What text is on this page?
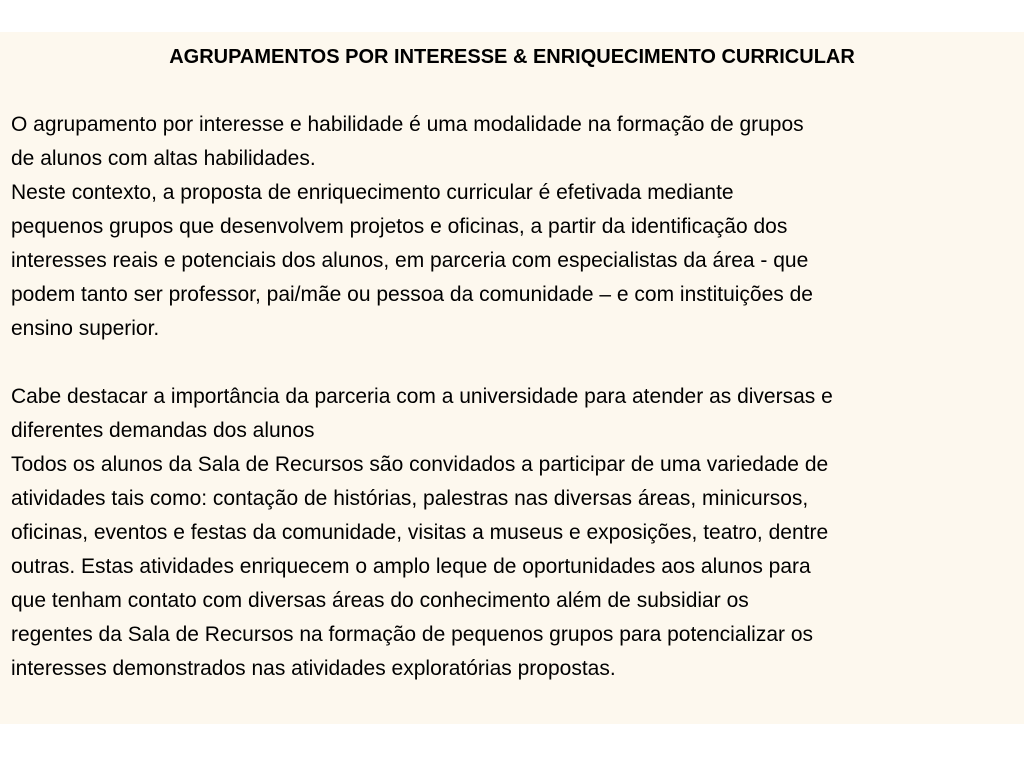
AGRUPAMENTOS POR INTERESSE & ENRIQUECIMENTO CURRICULAR
O agrupamento por interesse e habilidade é uma modalidade na formação de grupos
de alunos com altas habilidades.
Neste contexto, a proposta de enriquecimento curricular é efetivada mediante
pequenos grupos que desenvolvem projetos e oficinas, a partir da identificação dos
interesses reais e potenciais dos alunos, em parceria com especialistas da área - que
podem tanto ser professor, pai/mãe ou pessoa da comunidade – e com instituições de
ensino superior.
Cabe destacar a importância da parceria com a universidade para atender as diversas e
diferentes demandas dos alunos
Todos os alunos da Sala de Recursos são convidados a participar de uma variedade de
atividades tais como: contação de histórias, palestras nas diversas áreas, minicursos,
oficinas, eventos e festas da comunidade, visitas a museus e exposições, teatro, dentre
outras. Estas atividades enriquecem o amplo leque de oportunidades aos alunos para
que tenham contato com diversas áreas do conhecimento além de subsidiar os
regentes da Sala de Recursos na formação de pequenos grupos para potencializar os
interesses demonstrados nas atividades exploratórias propostas.
